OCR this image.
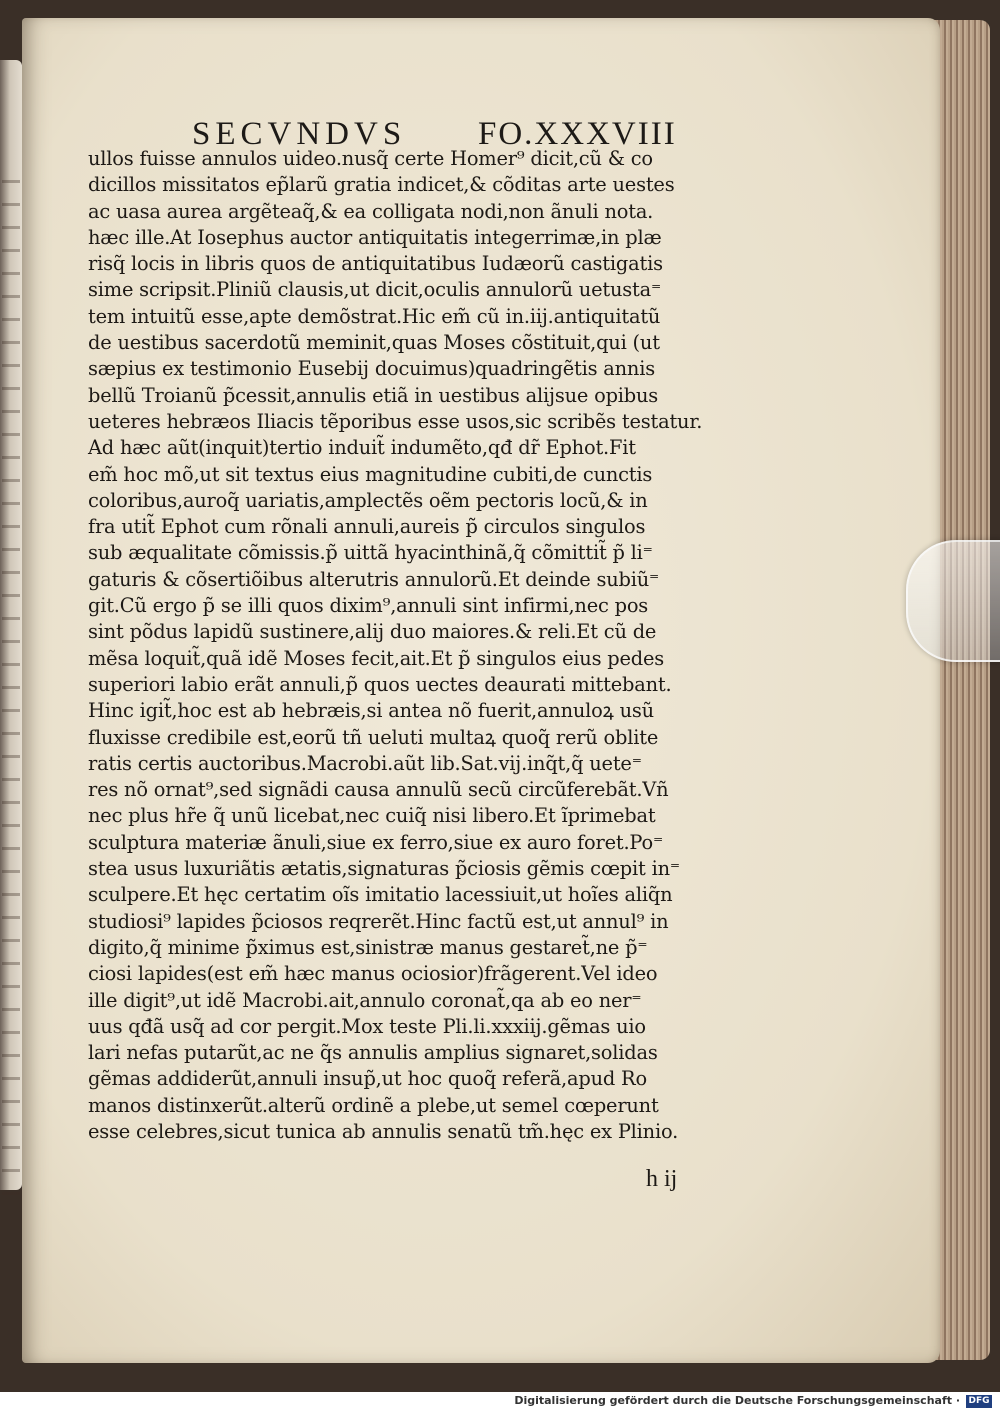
SECVNDVS FO.XXXVIII
ullos fuisse annulos uideo.nusq̃ certe Homer⁹ dicit,cũ & co
dicillos missitatos ep̃larũ gratia indicet,& cõditas arte uestes
ac uasa aurea argẽteaq̃,& ea colligata nodi,non ãnuli nota.
hæc ille.At Iosephus auctor antiquitatis integerrimæ,in plæ
risq̃ locis in libris quos de antiquitatibus Iudæorũ castigatis
sime scripsit.Pliniũ clausis,ut dicit,oculis annulorũ uetusta⁼
tem intuitũ esse,apte demõstrat.Hic em̃ cũ in.iij.antiquitatũ
de uestibus sacerdotũ meminit,quas Moses cõstituit,qui (ut
sæpius ex testimonio Eusebij docuimus)quadringẽtis annis
bellũ Troianũ p̃cessit,annulis etiã in uestibus alijsue opibus
ueteres hebræos Iliacis tẽporibus esse usos,sic scribẽs testatur.
Ad hæc aũt(inquit)tertio induit̃ indumẽto,qđ dr̃ Ephot.Fit
em̃ hoc mõ,ut sit textus eius magnitudine cubiti,de cunctis
coloribus,auroq̃ uariatis,amplectẽs oẽm pectoris locũ,& in
fra utit̃ Ephot cum rõnali annuli,aureis p̃ circulos singulos
sub æqualitate cõmissis.p̃ uittã hyacinthinã,q̃ cõmittit̃ p̃ li⁼
gaturis & cõsertiõibus alterutris annulorũ.Et deinde subiũ⁼
git.Cũ ergo p̃ se illi quos dixim⁹,annuli sint infirmi,nec pos
sint põdus lapidũ sustinere,alij duo maiores.& reli.Et cũ de
mẽsa loquit̃,quã idẽ Moses fecit,ait.Et p̃ singulos eius pedes
superiori labio erãt annuli,p̃ quos uectes deaurati mittebant.
Hinc igit̃,hoc est ab hebræis,si antea nõ fuerit,annuloꝝ usũ
fluxisse credibile est,eorũ tñ ueluti multaꝝ quoq̃ rerũ oblite
ratis certis auctoribus.Macrobi.aũt lib.Sat.vij.inq̃t,q̃ uete⁼
res nõ ornat⁹,sed signãdi causa annulũ secũ circũferebãt.Vñ
nec plus hr̃e q̃ unũ licebat,nec cuiq̃ nisi libero.Et ĩprimebat
sculptura materiæ ãnuli,siue ex ferro,siue ex auro foret.Po⁼
stea usus luxuriãtis ætatis,signaturas p̃ciosis gẽmis cœpit in⁼
sculpere.Et hęc certatim oĩs imitatio lacessiuit,ut hoĩes aliq̃n
studiosi⁹ lapides p̃ciosos reqrerẽt.Hinc factũ est,ut annul⁹ in
digito,q̃ minime p̃ximus est,sinistræ manus gestaret̃,ne p̃⁼
ciosi lapides(est em̃ hæc manus ociosior)frãgerent.Vel ideo
ille digit⁹,ut idẽ Macrobi.ait,annulo coronat̃,qa ab eo ner⁼
uus qđã usq̃ ad cor pergit.Mox teste Pli.li.xxxiij.gẽmas uio
lari nefas putarũt,ac ne q̃s annulis amplius signaret,solidas
gẽmas addiderũt,annuli insup̃,ut hoc quoq̃ referã,apud Ro
manos distinxerũt.alterũ ordinẽ a plebe,ut semel cœperunt
esse celebres,sicut tunica ab annulis senatũ tm̃.hęc ex Plinio.
h ij
Digitalisierung gefördert durch die Deutsche Forschungsgemeinschaft · DFG
